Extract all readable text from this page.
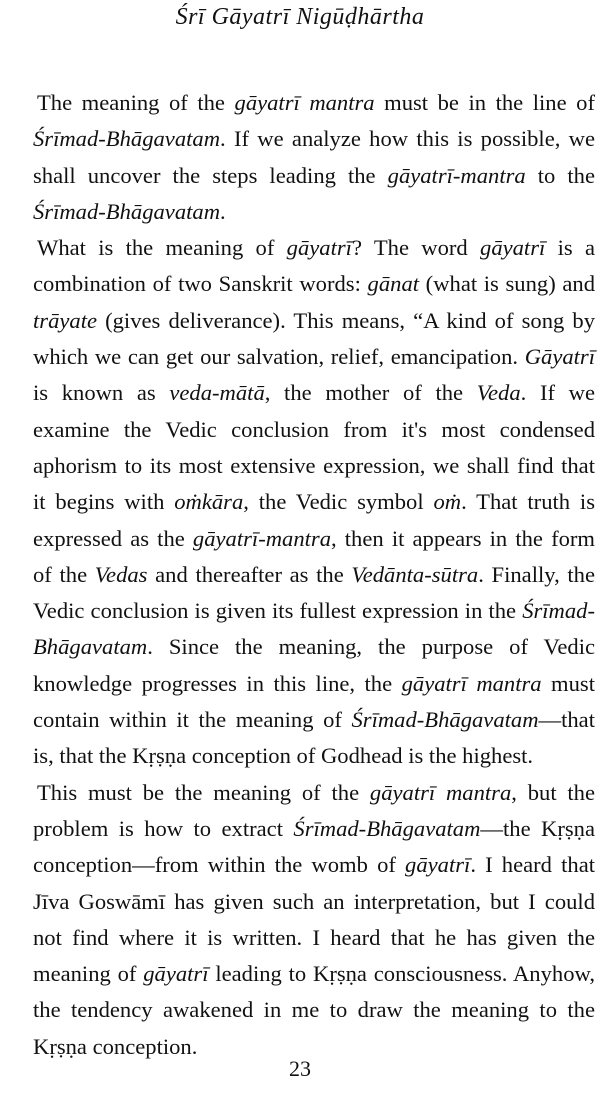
Śrī Gāyatrī Nigūḍhārtha

The meaning of the gāyatrī mantra must be in the line of Śrīmad-Bhāgavatam. If we analyze how this is possible, we shall uncover the steps leading the gāyatrī-mantra to the Śrīmad-Bhāgavatam.

What is the meaning of gāyatrī? The word gāyatrī is a combination of two Sanskrit words: gānat (what is sung) and trāyate (gives deliverance). This means, “A kind of song by which we can get our salvation, relief, emancipation. Gāyatrī is known as veda-mātā, the mother of the Veda. If we examine the Vedic conclusion from it's most condensed aphorism to its most extensive expression, we shall find that it begins with oṁkāra, the Vedic symbol oṁ. That truth is expressed as the gāyatrī-mantra, then it appears in the form of the Vedas and thereafter as the Vedānta-sūtra. Finally, the Vedic conclusion is given its fullest expression in the Śrīmad-Bhāgavatam. Since the meaning, the purpose of Vedic knowledge progresses in this line, the gāyatrī mantra must contain within it the meaning of Śrīmad-Bhāgavatam—that is, that the Kṛṣṇa conception of Godhead is the highest.

This must be the meaning of the gāyatrī mantra, but the problem is how to extract Śrīmad-Bhāgavatam—the Kṛṣṇa conception—from within the womb of gāyatrī. I heard that Jīva Goswāmī has given such an interpretation, but I could not find where it is written. I heard that he has given the meaning of gāyatrī leading to Kṛṣṇa consciousness. Anyhow, the tendency awakened in me to draw the meaning to the Kṛṣṇa conception.

23
